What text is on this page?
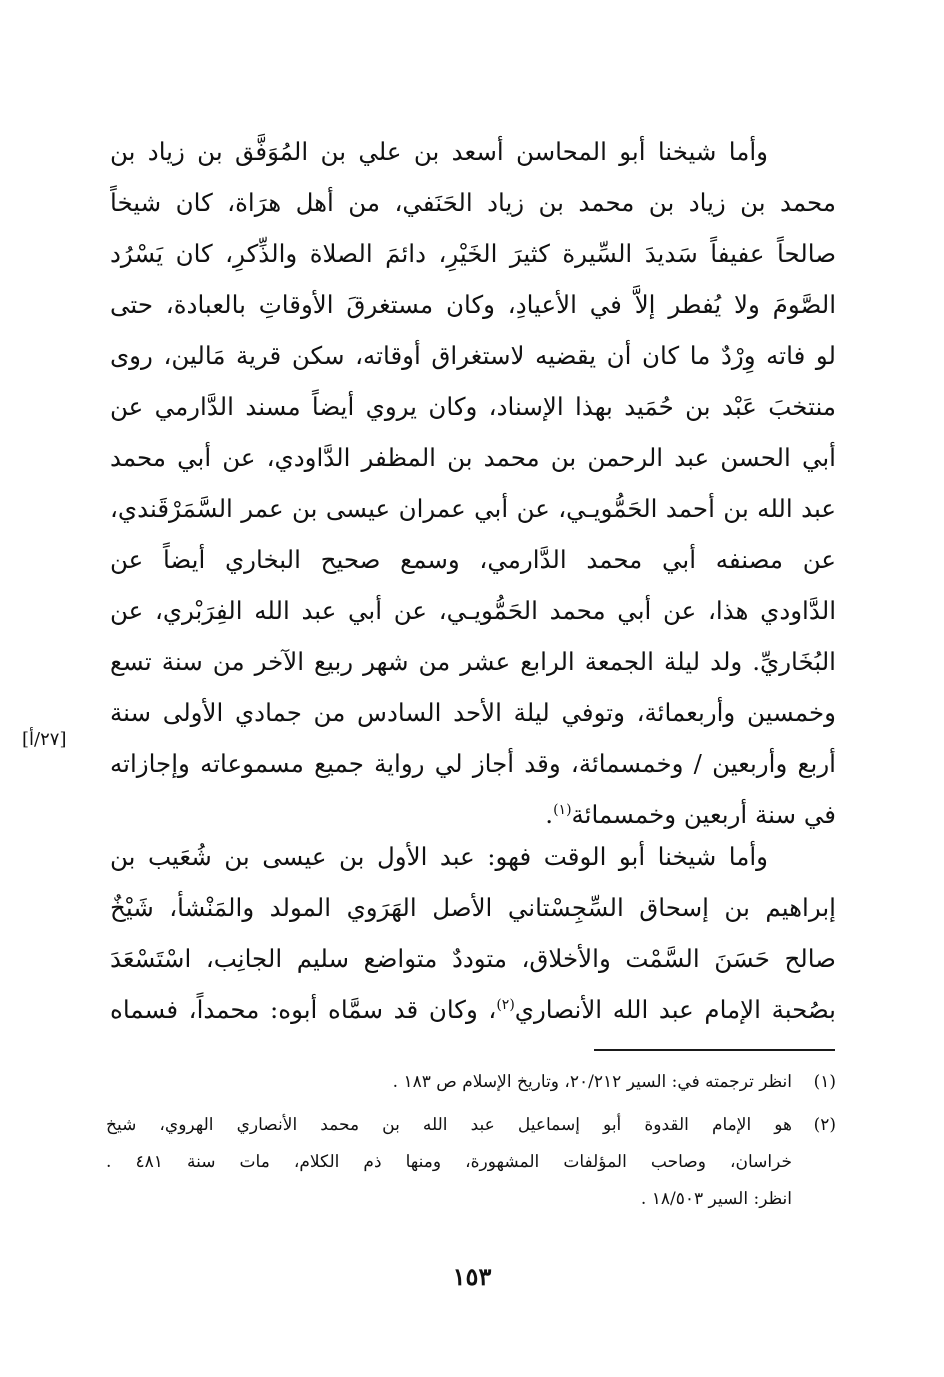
وأما شيخنا أبو المحاسن أسعد بن علي بن المُوَفَّق بن زياد بن
محمد بن زياد بن محمد بن زياد الحَنَفي، من أهل هرَاة، كان شيخاً
صالحاً عفيفاً سَديدَ السِّيرة كثيرَ الخَيْرِ، دائمَ الصلاة والذِّكرِ، كان يَسْرُد
الصَّومَ ولا يُفطر إلاَّ في الأعيادِ، وكان مستغرقَ الأوقاتِ بالعبادة، حتى
لو فاته وِرْدٌ ما كان أن يقضيه لاستغراق أوقاته، سكن قرية مَالين، روى
منتخبَ عَبْد بن حُمَيد بهذا الإسناد، وكان يروي أيضاً مسند الدَّارمي عن
أبي الحسن عبد الرحمن بن محمد بن المظفر الدَّاودي، عن أبي محمد
عبد الله بن أحمد الحَمُّويـي، عن أبي عمران عيسى بن عمر السَّمَرْقَندي،
عن مصنفه أبي محمد الدَّارمي، وسمع صحيح البخاري أيضاً عن
الدَّاودي هذا، عن أبي محمد الحَمُّويـي، عن أبي عبد الله الفِرَبْري، عن
البُخَاريِّ. ولد ليلة الجمعة الرابع عشر من شهر ربيع الآخر من سنة تسع
وخمسين وأربعمائة، وتوفي ليلة الأحد السادس من جمادي الأولى سنة
أربع وأربعين / وخمسمائة، وقد أجاز لي رواية جميع مسموعاته وإجازاته
في سنة أربعين وخمسمائة$^{(١)}$.
[٢٧/أ]
وأما شيخنا أبو الوقت فهو: عبد الأول بن عيسى بن شُعَيب بن
إبراهيم بن إسحاق السِّجِسْتاني الأصل الهَرَوي المولد والمَنْشأ، شَيْخٌ
صالح حَسَنَ السَّمْت والأخلاق، متوددٌ متواضع سليم الجانِب، اسْتَسْعَدَ
بصُحبة الإمام عبد الله الأنصاري$^{(٢)}$، وكان قد سمَّاه أبوه: محمداً، فسماه
(١)
انظر ترجمته في: السير ٢٠/٢١٢، وتاريخ الإسلام ص ١٨٣ .
(٢)
هو الإمام القدوة أبو إسماعيل عبد الله بن محمد الأنصاري الهروي، شيخ
خراسان، وصاحب المؤلفات المشهورة، ومنها ذم الكلام، مات سنة ٤٨١ .
انظر: السير ١٨/٥٠٣ .
١٥٣
